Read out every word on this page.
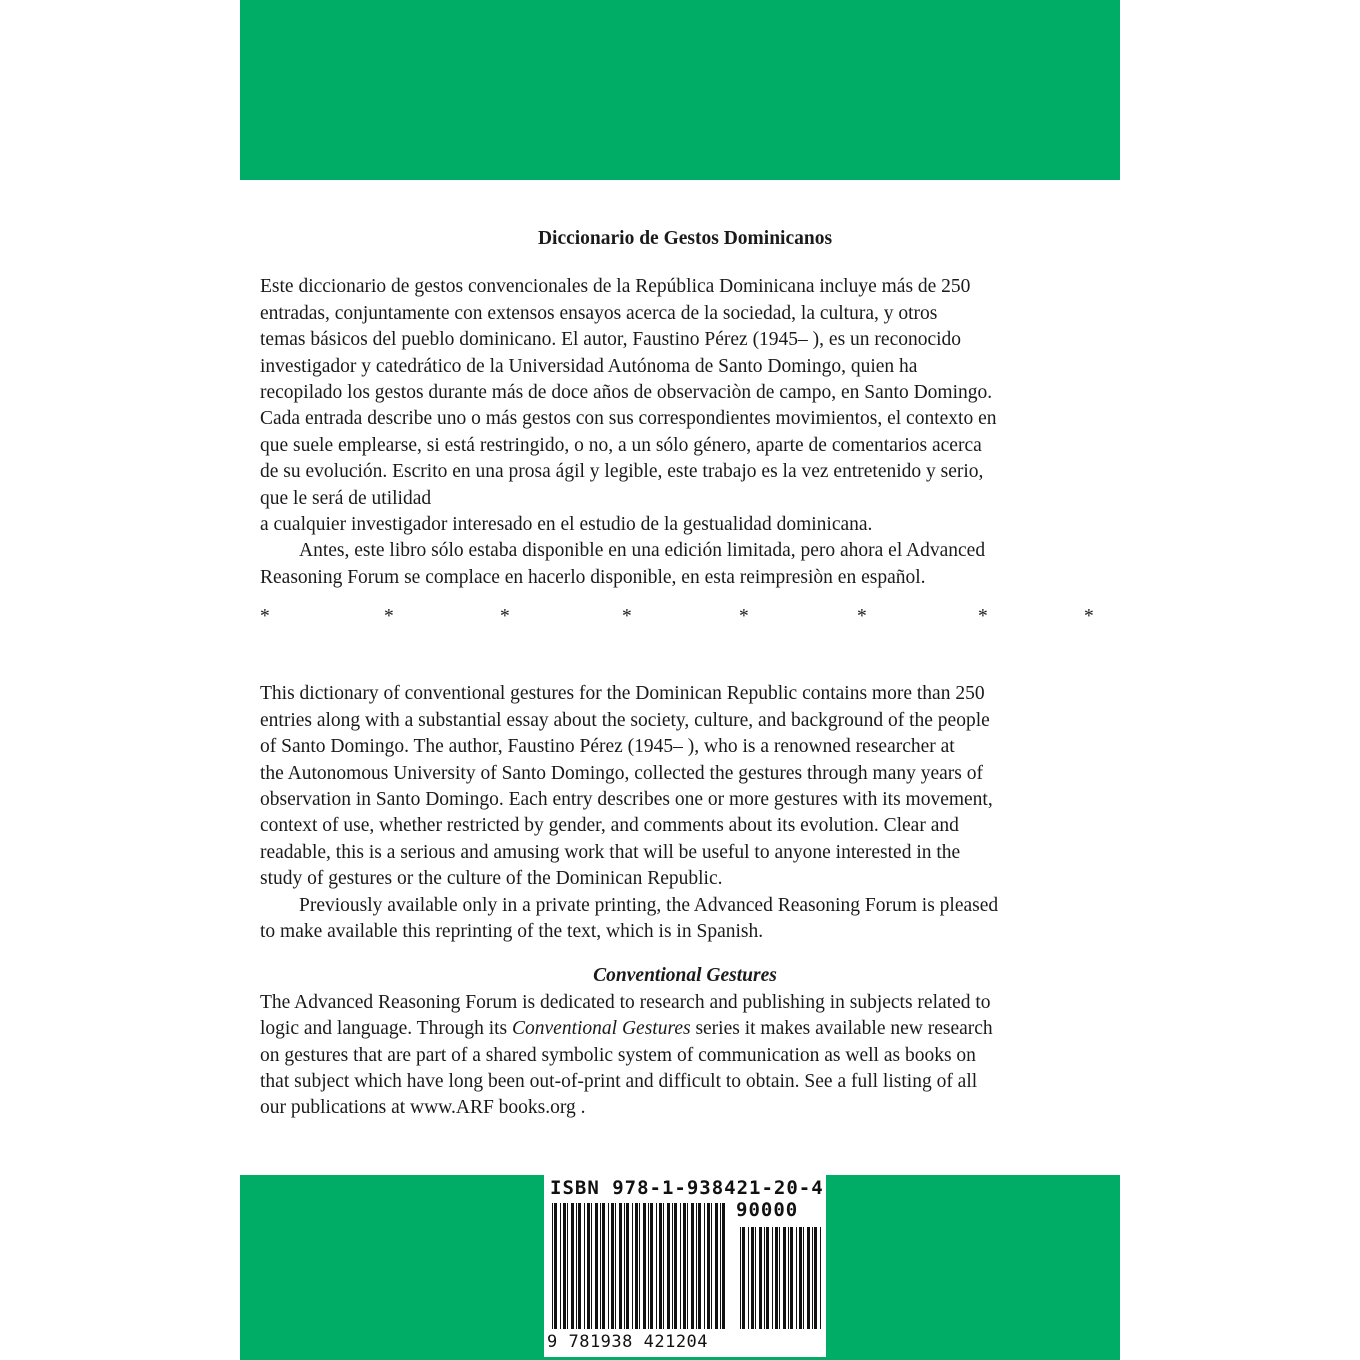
Diccionario de Gestos Dominicanos
Este diccionario de gestos convencionales de la República Dominicana incluye más de 250
entradas, conjuntamente con extensos ensayos acerca de la sociedad, la cultura, y otros
temas básicos del pueblo dominicano. El autor, Faustino Pérez (1945– ), es un reconocido
investigador y catedrático de la Universidad Autónoma de Santo Domingo, quien ha
recopilado los gestos durante más de doce años de observaciòn de campo, en Santo Domingo.
Cada entrada describe uno o más gestos con sus correspondientes movimientos, el contexto en
que suele emplearse, si está restringido, o no, a un sólo género, aparte de comentarios acerca
de su evolución. Escrito en una prosa ágil y legible, este trabajo es la vez entretenido y serio,
que le será de utilidad
a cualquier investigador interesado en el estudio de la gestualidad dominicana.
Antes, este libro sólo estaba disponible en una edición limitada, pero ahora el Advanced
Reasoning Forum se complace en hacerlo disponible, en esta reimpresiòn en español.
*	*	*	*	*	*	*	*
This dictionary of conventional gestures for the Dominican Republic contains more than 250
entries along with a substantial essay about the society, culture, and background of the people
of Santo Domingo. The author, Faustino Pérez (1945– ), who is a renowned researcher at
the Autonomous University of Santo Domingo, collected the gestures through many years of
observation in Santo Domingo. Each entry describes one or more gestures with its movement,
context of use, whether restricted by gender, and comments about its evolution. Clear and
readable, this is a serious and amusing work that will be useful to anyone interested in the
study of gestures or the culture of the Dominican Republic.
Previously available only in a private printing, the Advanced Reasoning Forum is pleased
to make available this reprinting of the text, which is in Spanish.
Conventional Gestures
The Advanced Reasoning Forum is dedicated to research and publishing in subjects related to
logic and language. Through its Conventional Gestures series it makes available new research
on gestures that are part of a shared symbolic system of communication as well as books on
that subject which have long been out-of-print and difficult to obtain. See a full listing of all
our publications at www.ARF books.org .
ISBN 978-1-938421-20-4
90000
9 781938 421204
